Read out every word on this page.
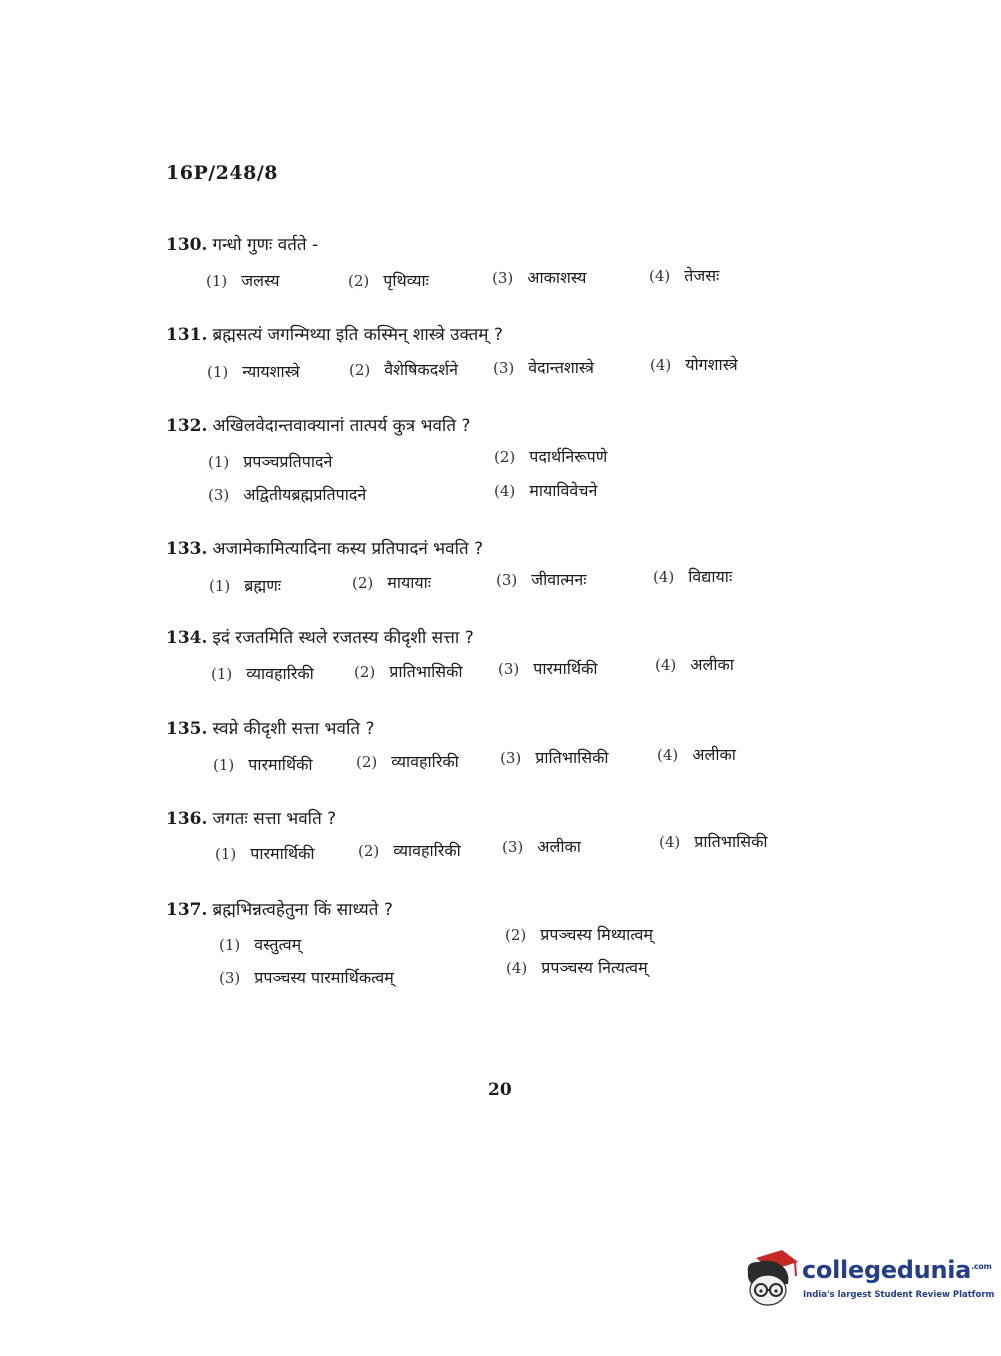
16P/248/8
130. गन्धो गुणः वर्तते -
(1) जलस्य	(2) पृथिव्याः	(3) आकाशस्य	(4) तेजसः
131. ब्रह्मसत्यं जगन्मिथ्या इति कस्मिन् शास्त्रे उक्तम् ?
(1) न्यायशास्त्रे	(2) वैशेषिकदर्शने (3) वेदान्तशास्त्रे	(4) योगशास्त्रे
132. अखिलवेदान्तवाक्यानां तात्पर्य कुत्र भवति ?
(1) प्रपञ्चप्रतिपादने	(2) पदार्थनिरूपणे
(3) अद्वितीयब्रह्मप्रतिपादने	(4) मायाविवेचने
133. अजामेकामित्यादिना कस्य प्रतिपादनं भवति ?
(1) ब्रह्मणः	(2) मायायाः	(3) जीवात्मनः	(4) विद्यायाः
134. इदं रजतमिति स्थले रजतस्य कीदृशी सत्ता ?
(1) व्यावहारिकी	(2) प्रातिभासिकी (3) पारमार्थिकी	(4) अलीका
135. स्वप्ने कीदृशी सत्ता भवति ?
(1) पारमार्थिकी	(2) व्यावहारिकी	(3) प्रातिभासिकी	(4) अलीका
136. जगतः सत्ता भवति ?
(1) पारमार्थिकी	(2) व्यावहारिकी	(3) अलीका	(4) प्रातिभासिकी
137. ब्रह्मभिन्नत्वहेतुना किं साध्यते ?
(1) वस्तुत्वम्	(2) प्रपञ्चस्य मिथ्यात्वम्
(3) प्रपञ्चस्य पारमार्थिकत्वम्	(4) प्रपञ्चस्य नित्यत्वम्
20
collegedunia$^{.com}$
India's largest Student Review Platform
